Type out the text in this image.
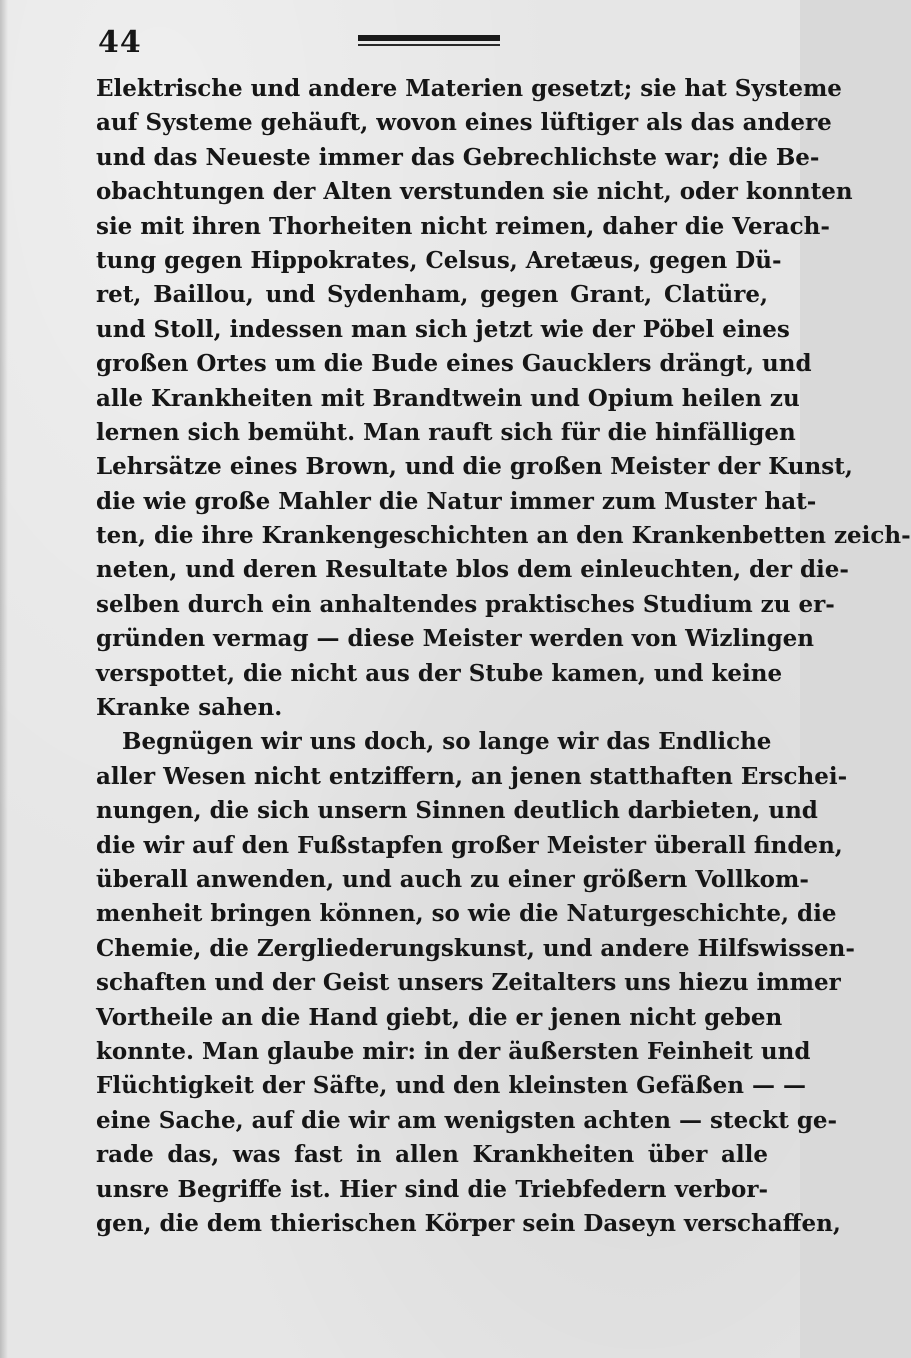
44
Elektrische und andere Materien gesetzt; sie hat Systeme
auf Systeme gehäuft, wovon eines lüftiger als das andere
und das Neueste immer das Gebrechlichste war; die Be-
obachtungen der Alten verstunden sie nicht, oder konnten
sie mit ihren Thorheiten nicht reimen, daher die Verach-
tung gegen Hippokrates, Celsus, Aretæus, gegen Dü-
ret, Baillou, und Sydenham, gegen Grant, Clatüre,
und Stoll, indessen man sich jetzt wie der Pöbel eines
großen Ortes um die Bude eines Gaucklers drängt, und
alle Krankheiten mit Brandtwein und Opium heilen zu
lernen sich bemüht. Man rauft sich für die hinfälligen
Lehrsätze eines Brown, und die großen Meister der Kunst,
die wie große Mahler die Natur immer zum Muster hat-
ten, die ihre Krankengeschichten an den Krankenbetten zeich-
neten, und deren Resultate blos dem einleuchten, der die-
selben durch ein anhaltendes praktisches Studium zu er-
gründen vermag — diese Meister werden von Wizlingen
verspottet, die nicht aus der Stube kamen, und keine
Kranke sahen.
Begnügen wir uns doch, so lange wir das Endliche
aller Wesen nicht entziffern, an jenen statthaften Erschei-
nungen, die sich unsern Sinnen deutlich darbieten, und
die wir auf den Fußstapfen großer Meister überall finden,
überall anwenden, und auch zu einer größern Vollkom-
menheit bringen können, so wie die Naturgeschichte, die
Chemie, die Zergliederungskunst, und andere Hilfswissen-
schaften und der Geist unsers Zeitalters uns hiezu immer
Vortheile an die Hand giebt, die er jenen nicht geben
konnte. Man glaube mir: in der äußersten Feinheit und
Flüchtigkeit der Säfte, und den kleinsten Gefäßen — —
eine Sache, auf die wir am wenigsten achten — steckt ge-
rade das, was fast in allen Krankheiten über alle
unsre Begriffe ist. Hier sind die Triebfedern verbor-
gen, die dem thierischen Körper sein Daseyn verschaffen,
